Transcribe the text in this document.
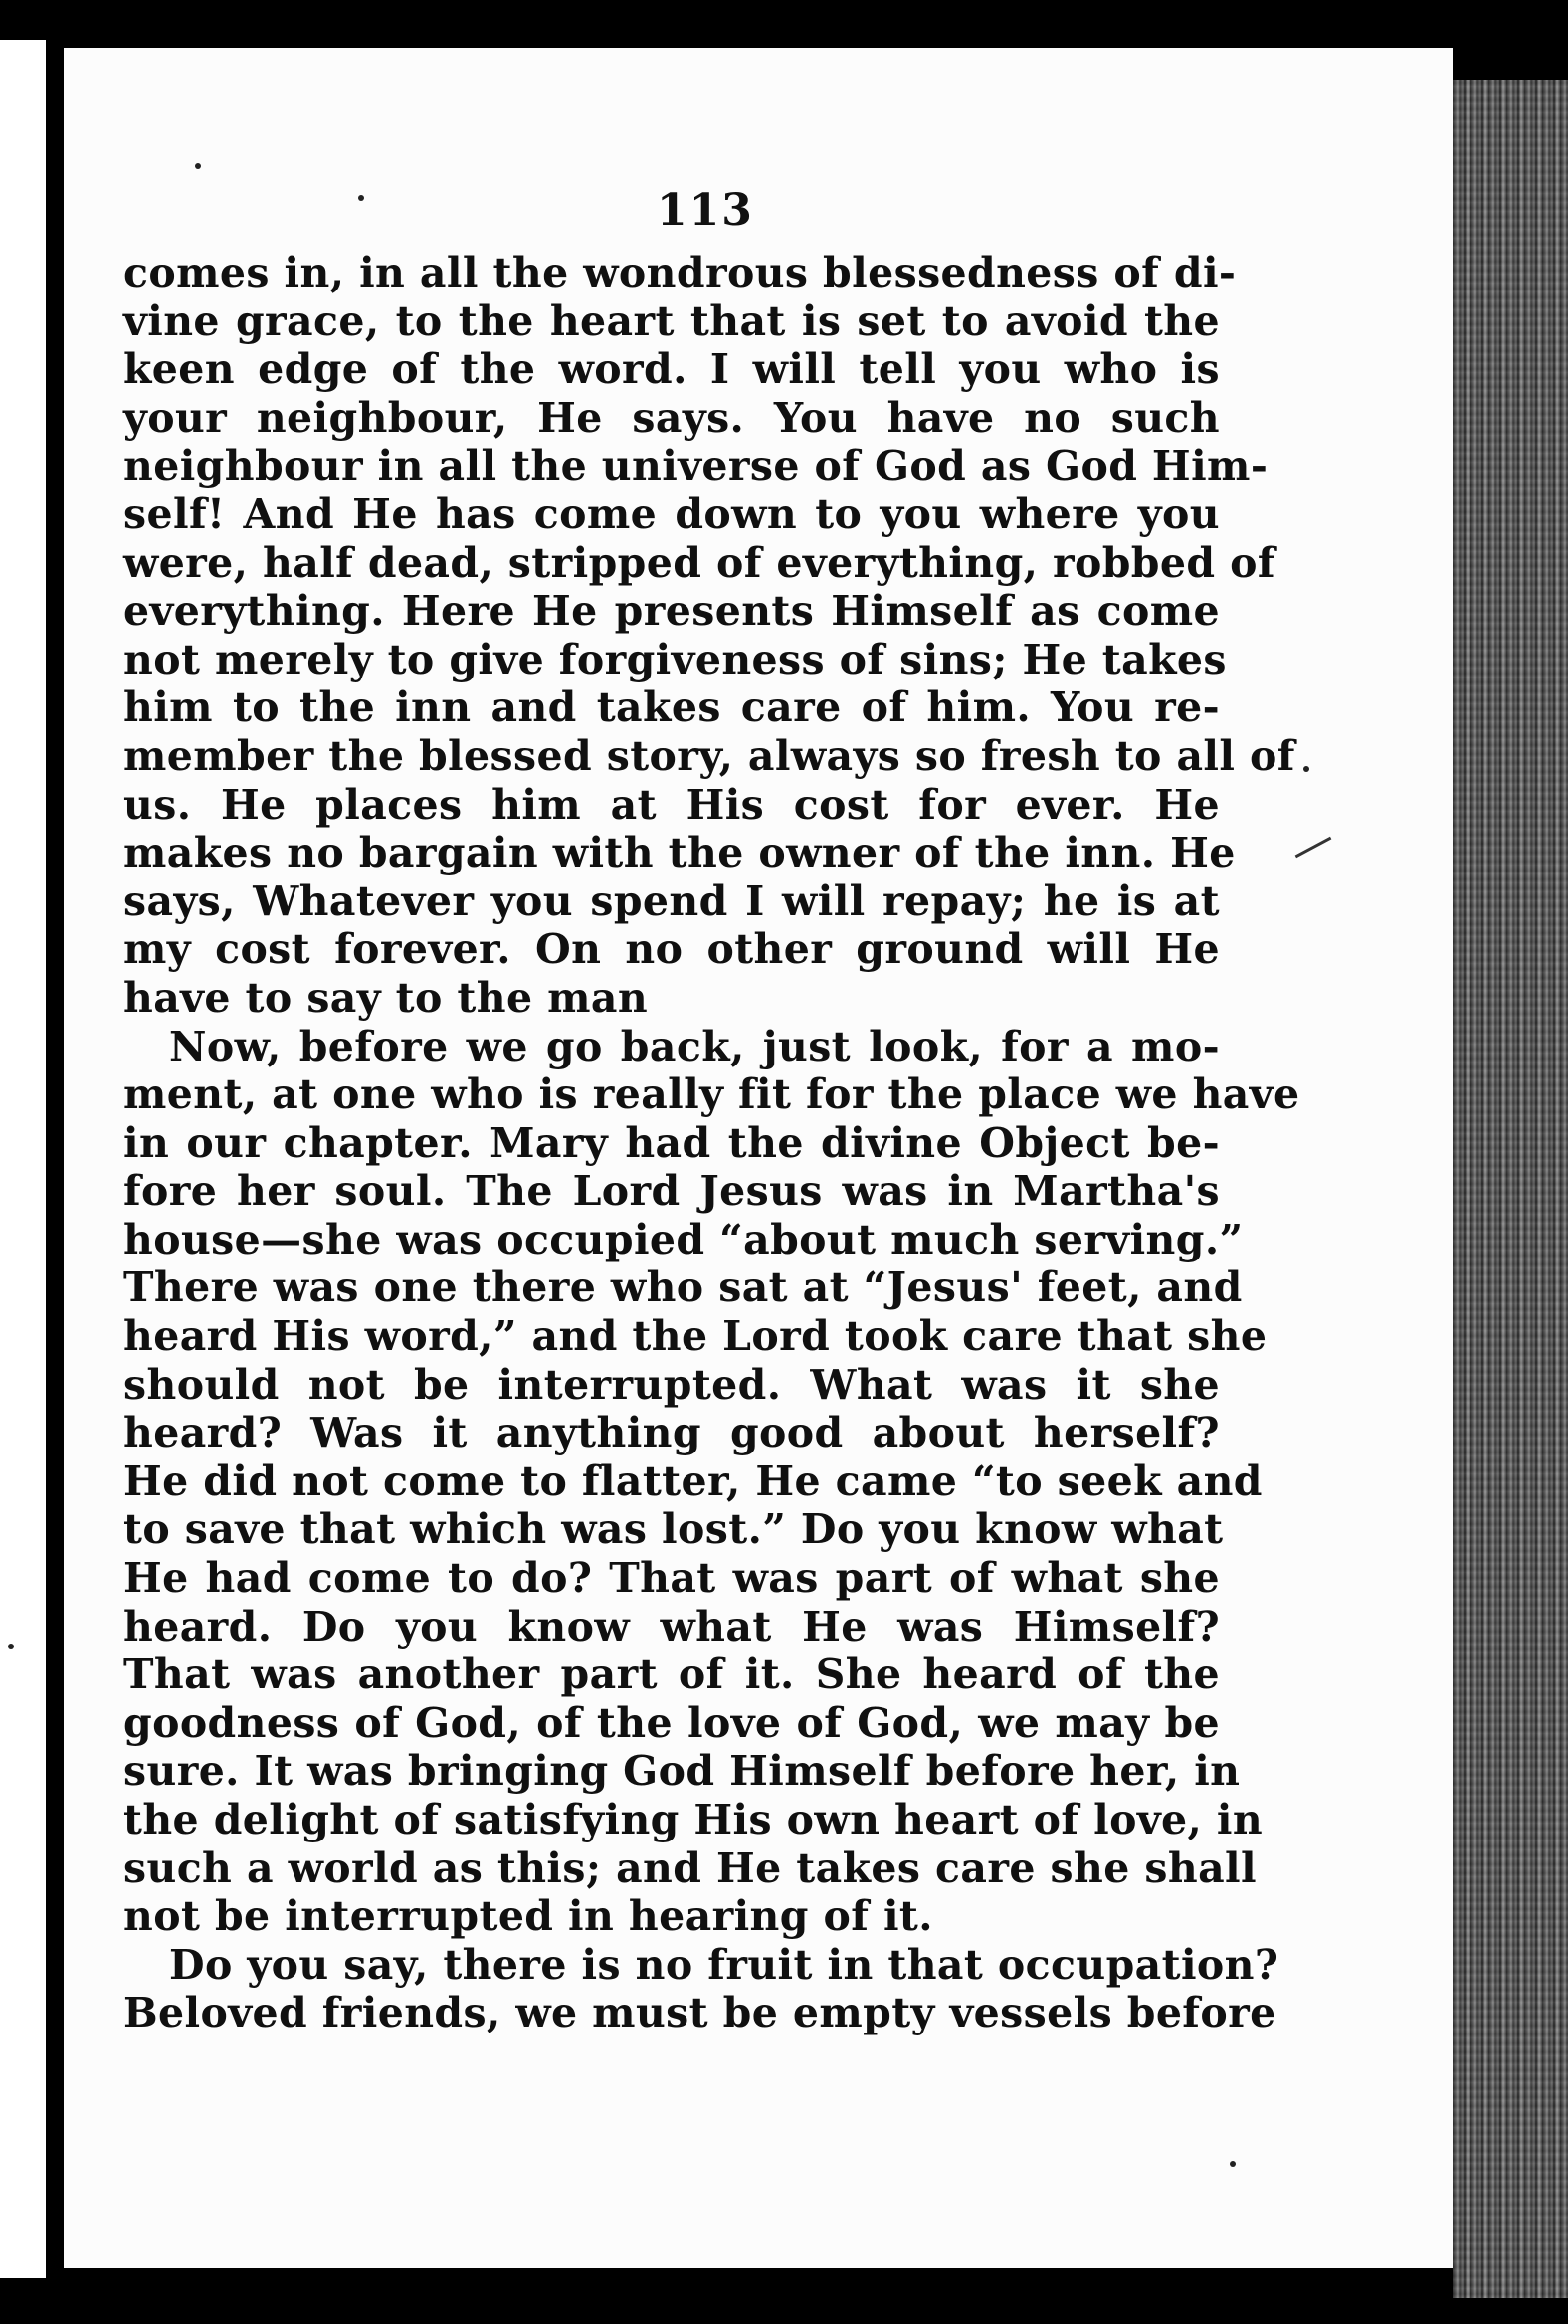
113
comes in, in all the wondrous blessedness of di-
vine grace, to the heart that is set to avoid the
keen edge of the word. I will tell you who is
your neighbour, He says. You have no such
neighbour in all the universe of God as God Him-
self! And He has come down to you where you
were, half dead, stripped of everything, robbed of
everything. Here He presents Himself as come
not merely to give forgiveness of sins; He takes
him to the inn and takes care of him. You re-
member the blessed story, always so fresh to all of
us. He places him at His cost for ever. He
makes no bargain with the owner of the inn. He
says, Whatever you spend I will repay; he is at
my cost forever. On no other ground will He
have to say to the man
Now, before we go back, just look, for a mo-
ment, at one who is really fit for the place we have
in our chapter. Mary had the divine Object be-
fore her soul. The Lord Jesus was in Martha's
house—she was occupied “about much serving.”
There was one there who sat at “Jesus' feet, and
heard His word,” and the Lord took care that she
should not be interrupted. What was it she
heard? Was it anything good about herself?
He did not come to flatter, He came “to seek and
to save that which was lost.” Do you know what
He had come to do? That was part of what she
heard. Do you know what He was Himself?
That was another part of it. She heard of the
goodness of God, of the love of God, we may be
sure. It was bringing God Himself before her, in
the delight of satisfying His own heart of love, in
such a world as this; and He takes care she shall
not be interrupted in hearing of it.
Do you say, there is no fruit in that occupation?
Beloved friends, we must be empty vessels before
